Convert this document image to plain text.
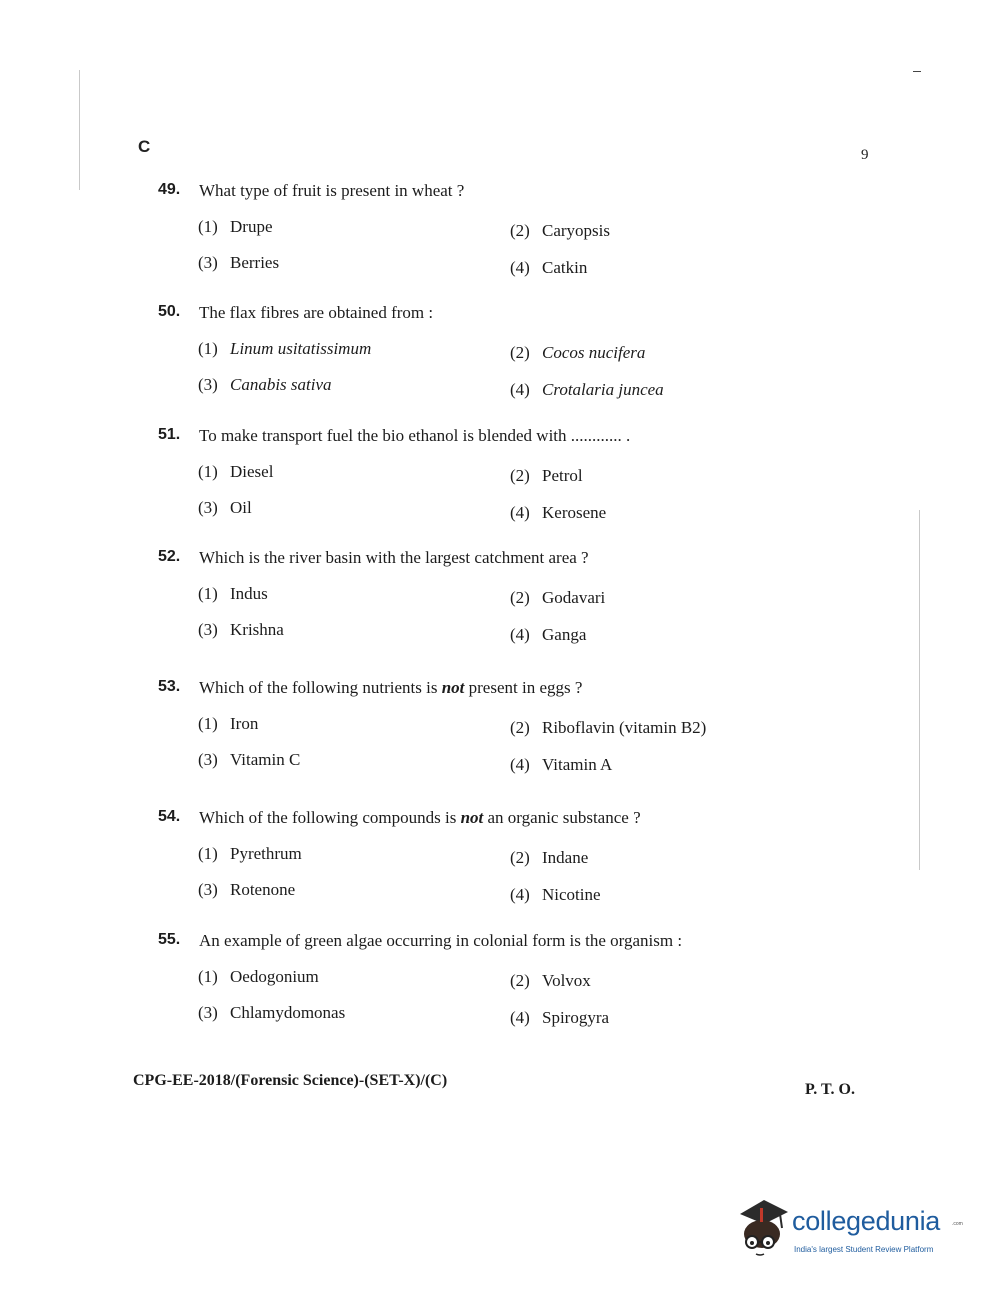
C	9
49. What type of fruit is present in wheat ?
(1) Drupe	(2) Caryopsis
(3) Berries	(4) Catkin
50. The flax fibres are obtained from :
(1) Linum usitatissimum	(2) Cocos nucifera
(3) Canabis sativa	(4) Crotalaria juncea
51. To make transport fuel the bio ethanol is blended with ............ .
(1) Diesel	(2) Petrol
(3) Oil	(4) Kerosene
52. Which is the river basin with the largest catchment area ?
(1) Indus	(2) Godavari
(3) Krishna	(4) Ganga
53. Which of the following nutrients is not present in eggs ?
(1) Iron	(2) Riboflavin (vitamin B2)
(3) Vitamin C	(4) Vitamin A
54. Which of the following compounds is not an organic substance ?
(1) Pyrethrum	(2) Indane
(3) Rotenone	(4) Nicotine
55. An example of green algae occurring in colonial form is the organism :
(1) Oedogonium	(2) Volvox
(3) Chlamydomonas	(4) Spirogyra
CPG-EE-2018/(Forensic Science)-(SET-X)/(C)
P. T. O.
collegedunia .com
India's largest Student Review Platform
